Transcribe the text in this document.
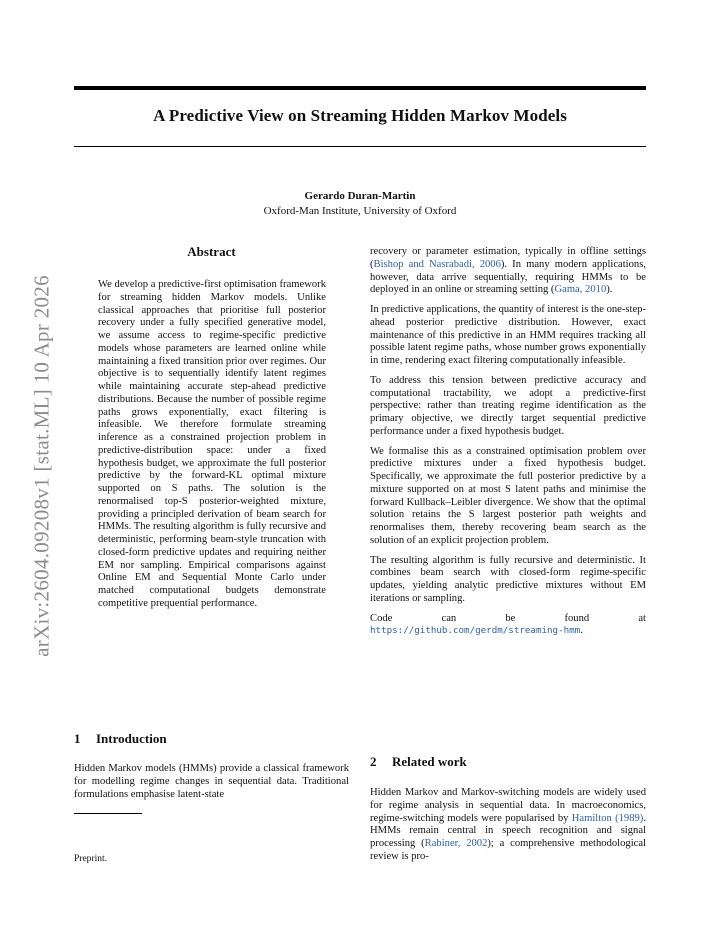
A Predictive View on Streaming Hidden Markov Models
Gerardo Duran-Martin
Oxford-Man Institute, University of Oxford
arXiv:2604.09208v1 [stat.ML] 10 Apr 2026
Abstract
We develop a predictive-first optimisation framework for streaming hidden Markov models. Unlike classical approaches that prioritise full posterior recovery under a fully specified generative model, we assume access to regime-specific predictive models whose parameters are learned online while maintaining a fixed transition prior over regimes. Our objective is to sequentially identify latent regimes while maintaining accurate step-ahead predictive distributions. Because the number of possible regime paths grows exponentially, exact filtering is infeasible. We therefore formulate streaming inference as a constrained projection problem in predictive-distribution space: under a fixed hypothesis budget, we approximate the full posterior predictive by the forward-KL optimal mixture supported on S paths. The solution is the renormalised top-S posterior-weighted mixture, providing a principled derivation of beam search for HMMs. The resulting algorithm is fully recursive and deterministic, performing beam-style truncation with closed-form predictive updates and requiring neither EM nor sampling. Empirical comparisons against Online EM and Sequential Monte Carlo under matched computational budgets demonstrate competitive prequential performance.
1 Introduction

Hidden Markov models (HMMs) provide a classical framework for modelling regime changes in sequential data. Traditional formulations emphasise latent-state

Preprint.

recovery or parameter estimation, typically in offline settings (Bishop and Nasrabadi, 2006). In many modern applications, however, data arrive sequentially, requiring HMMs to be deployed in an online or streaming setting (Gama, 2010).

In predictive applications, the quantity of interest is the one-step-ahead posterior predictive distribution. However, exact maintenance of this predictive in an HMM requires tracking all possible latent regime paths, whose number grows exponentially in time, rendering exact filtering computationally infeasible.

To address this tension between predictive accuracy and computational tractability, we adopt a predictive-first perspective: rather than treating regime identification as the primary objective, we directly target sequential predictive performance under a fixed hypothesis budget.

We formalise this as a constrained optimisation problem over predictive mixtures under a fixed hypothesis budget. Specifically, we approximate the full posterior predictive by a mixture supported on at most S latent paths and minimise the forward Kullback–Leibler divergence. We show that the optimal solution retains the S largest posterior path weights and renormalises them, thereby recovering beam search as the solution of an explicit projection problem.

The resulting algorithm is fully recursive and deterministic. It combines beam search with closed-form regime-specific updates, yielding analytic predictive mixtures without EM iterations or sampling.

Code can be found at https://github.com/gerdm/streaming-hmm.

2 Related work

Hidden Markov and Markov-switching models are widely used for regime analysis in sequential data. In macroeconomics, regime-switching models were popularised by Hamilton (1989). HMMs remain central in speech recognition and signal processing (Rabiner, 2002); a comprehensive methodological review is pro-
